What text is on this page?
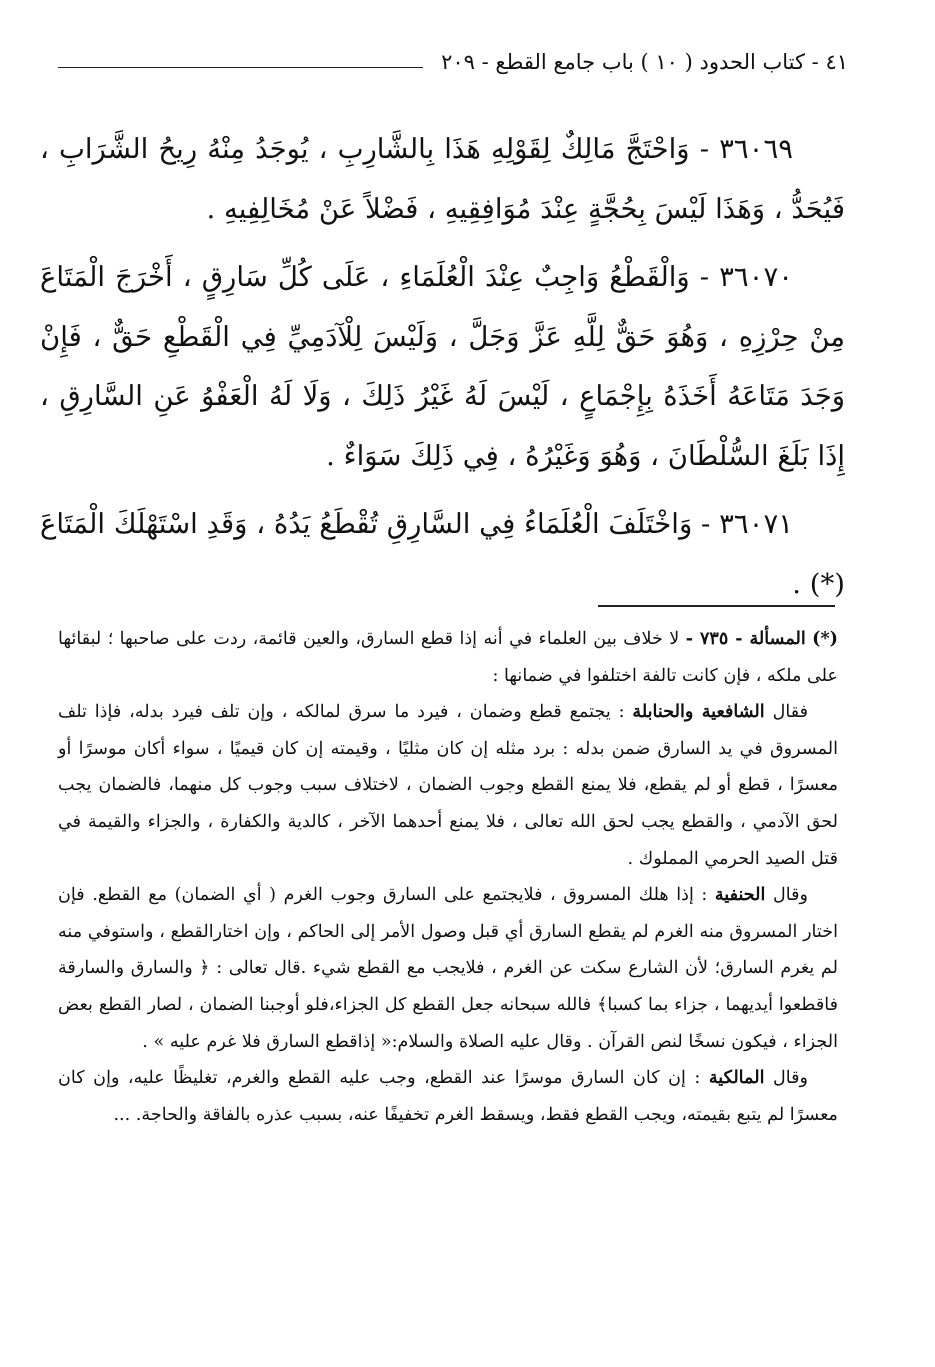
٤١ - كتاب الحدود ( ١٠ ) باب جامع القطع - ٢٠٩

٣٦٠٦٩ - وَاحْتَجَّ مَالِكٌ لِقَوْلِهِ هَذَا بِالشَّارِبِ ، يُوجَدُ مِنْهُ رِيحُ الشَّرَابِ ، فَيُحَدُّ ، وَهَذَا لَيْسَ بِحُجَّةٍ عِنْدَ مُوَافِقِيهِ ، فَضْلاً عَنْ مُخَالِفِيهِ .

٣٦٠٧٠ - وَالْقَطْعُ وَاجِبٌ عِنْدَ الْعُلَمَاءِ ، عَلَى كُلِّ سَارِقٍ ، أَخْرَجَ الْمَتَاعَ مِنْ حِرْزِهِ ، وَهُوَ حَقٌّ لِلَّهِ عَزَّ وَجَلَّ ، وَلَيْسَ لِلْآدَمِيِّ فِي الْقَطْعِ حَقٌّ ، فَإِنْ وَجَدَ مَتَاعَهُ أَخَذَهُ بِإِجْمَاعٍ ، لَيْسَ لَهُ غَيْرُ ذَلِكَ ، وَلَا لَهُ الْعَفْوُ عَنِ السَّارِقِ ، إِذَا بَلَغَ السُّلْطَانَ ، وَهُوَ وَغَيْرُهُ ، فِي ذَلِكَ سَوَاءٌ .

٣٦٠٧١ - وَاخْتَلَفَ الْعُلَمَاءُ فِي السَّارِقِ تُقْطَعُ يَدُهُ ، وَقَدِ اسْتَهْلَكَ الْمَتَاعَ (*) .

(*) المسألة - ٧٣٥ - لا خلاف بين العلماء في أنه إذا قطع السارق، والعين قائمة، ردت على صاحبها ؛ لبقائها على ملكه ، فإن كانت تالفة اختلفوا في ضمانها :

فقال الشافعية والحنابلة : يجتمع قطع وضمان ، فيرد ما سرق لمالكه ، وإن تلف فيرد بدله، فإذا تلف المسروق في يد السارق ضمن بدله : برد مثله إن كان مثليًا ، وقيمته إن كان قيميًا ، سواء أكان موسرًا أو معسرًا ، قطع أو لم يقطع، فلا يمنع القطع وجوب الضمان ، لاختلاف سبب وجوب كل منهما، فالضمان يجب لحق الآدمي ، والقطع يجب لحق الله تعالى ، فلا يمنع أحدهما الآخر ، كالدية والكفارة ، والجزاء والقيمة في قتل الصيد الحرمي المملوك .

وقال الحنفية : إذا هلك المسروق ، فلايجتمع على السارق وجوب الغرم ( أي الضمان) مع القطع. فإن اختار المسروق منه الغرم لم يقطع السارق أي قبل وصول الأمر إلى الحاكم ، وإن اختارالقطع ، واستوفي منه لم يغرم السارق؛ لأن الشارع سكت عن الغرم ، فلايجب مع القطع شيء .قال تعالى : ﴿ والسارق والسارقة فاقطعوا أيديهما ، جزاء بما كسبا﴾ فالله سبحانه جعل القطع كل الجزاء،فلو أوجبنا الضمان ، لصار القطع بعض الجزاء ، فيكون نسخًا لنص القرآن . وقال عليه الصلاة والسلام:« إذاقطع السارق فلا غرم عليه » .

وقال المالكية : إن كان السارق موسرًا عند القطع، وجب عليه القطع والغرم، تغليظًا عليه، وإن كان معسرًا لم يتبع بقيمته، ويجب القطع فقط، ويسقط الغرم تخفيفًا عنه، بسبب عذره بالفاقة والحاجة. ...
